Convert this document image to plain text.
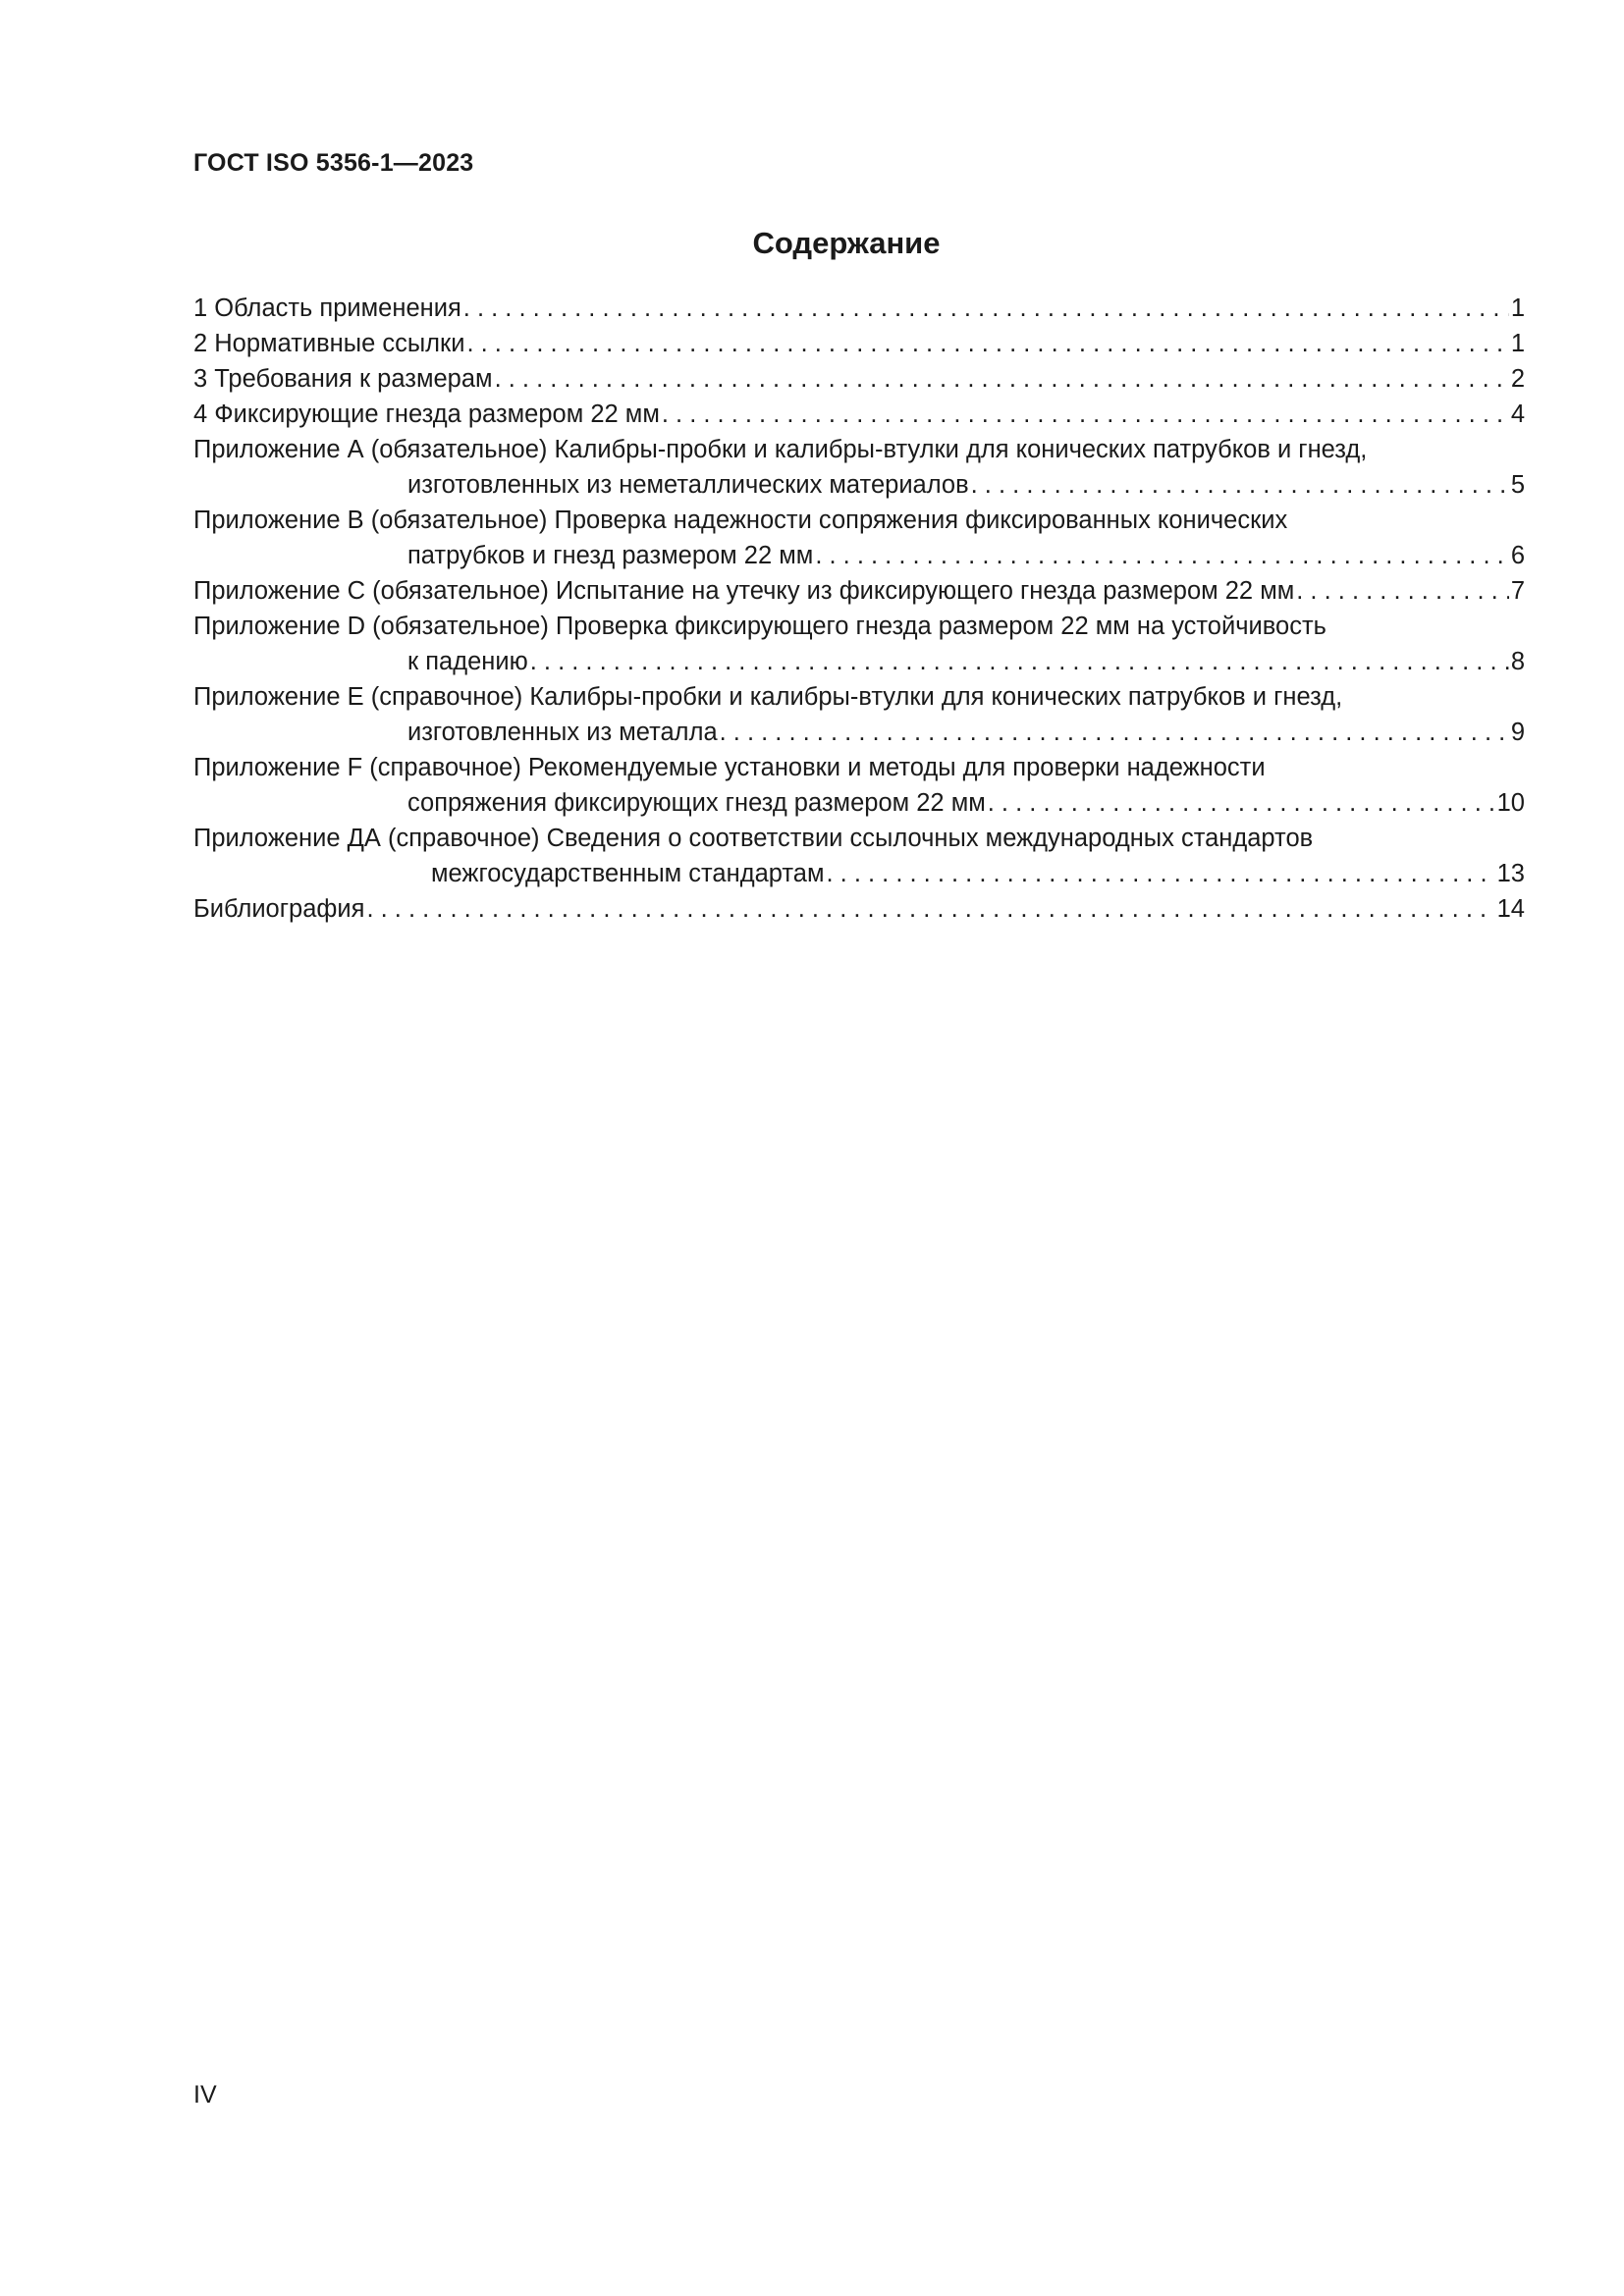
ГОСТ ISO 5356-1—2023
Содержание
1 Область применения . . .	1
2 Нормативные ссылки . . .	1
3 Требования к размерам . . .	2
4 Фиксирующие гнезда размером 22 мм . . .	4
Приложение А (обязательное) Калибры-пробки и калибры-втулки для конических патрубков и гнезд,
изготовленных из неметаллических материалов . . .	5
Приложение В (обязательное) Проверка надежности сопряжения фиксированных конических
патрубков и гнезд размером 22 мм . . .	6
Приложение С (обязательное) Испытание на утечку из фиксирующего гнезда размером 22 мм . . .	7
Приложение D (обязательное) Проверка фиксирующего гнезда размером 22 мм на устойчивость
к падению . . .	8
Приложение Е (справочное) Калибры-пробки и калибры-втулки для конических патрубков и гнезд,
изготовленных из металла . . .	9
Приложение F (справочное) Рекомендуемые установки и методы для проверки надежности
сопряжения фиксирующих гнезд размером 22 мм . . .	10
Приложение ДА (справочное) Сведения о соответствии ссылочных международных стандартов
межгосударственным стандартам . . .	13
Библиография . . .	14
IV
